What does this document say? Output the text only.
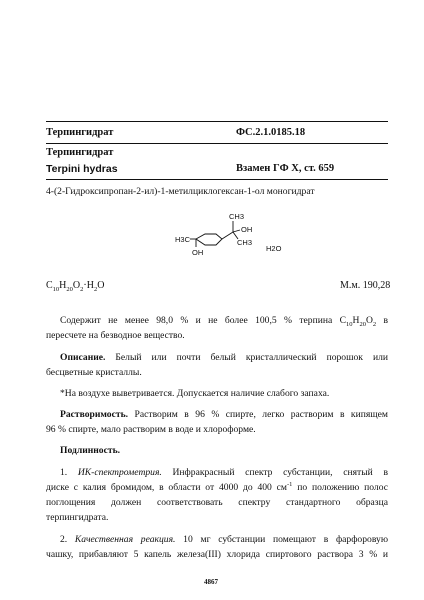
Терпингидрат	ФС.2.1.0185.18
Терпингидрат
Terpini hydras	Взамен ГФ X, ст. 659
4-(2-Гидроксипропан-2-ил)-1-метилциклогексан-1-ол моногидрат
CH3
OH
CH3
H3C
OH	H2O
$C_{10}H_{20}O_2\cdot H_2O$	М.м. 190,28
Содержит не менее 98,0 % и не более 100,5 % терпина $C_{10}H_{20}O_2$ в
пересчете на безводное вещество.
Описание. Белый или почти белый кристаллический порошок или
бесцветные кристаллы.
*На воздухе выветривается. Допускается наличие слабого запаха.
Растворимость. Растворим в 96 % спирте, легко растворим в кипящем
96 % спирте, мало растворим в воде и хлороформе.
Подлинность.
1. ИК-спектрометрия. Инфракрасный спектр субстанции, снятый в
диске с калия бромидом, в области от 4000 до 400 $см^{-1}$ по положению полос
поглощения должен соответствовать спектру стандартного образца
терпингидрата.
2. Качественная реакция. 10 мг субстанции помещают в фарфоровую
чашку, прибавляют 5 капель железа(III) хлорида спиртового раствора 3 % и
4867
